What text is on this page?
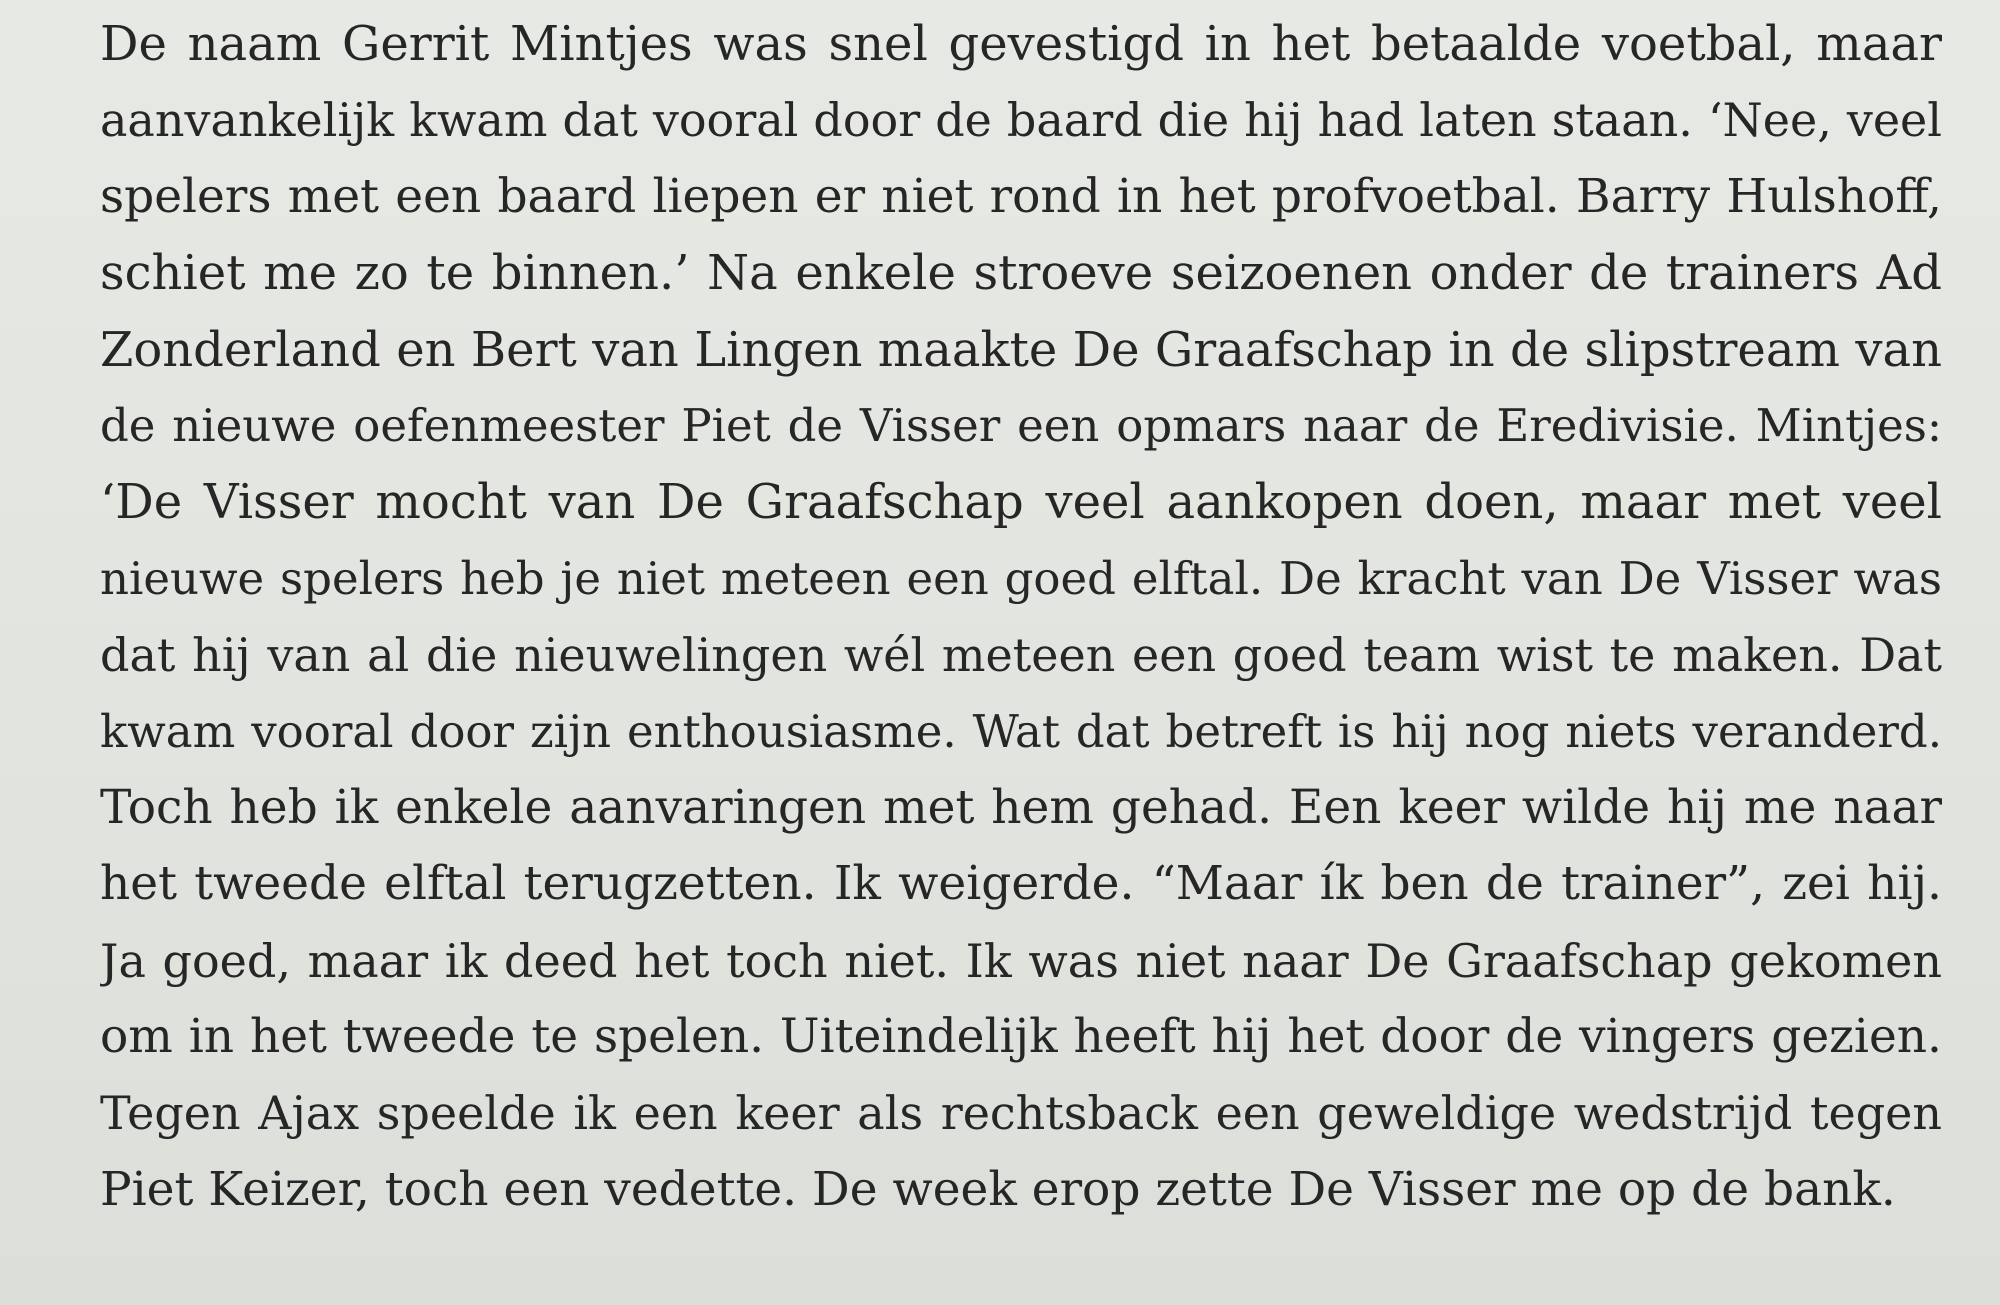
De naam Gerrit Mintjes was snel gevestigd in het betaalde voetbal, maar
aanvankelijk kwam dat vooral door de baard die hij had laten staan. ‘Nee, veel
spelers met een baard liepen er niet rond in het profvoetbal. Barry Hulshoff,
schiet me zo te binnen.’ Na enkele stroeve seizoenen onder de trainers Ad
Zonderland en Bert van Lingen maakte De Graafschap in de slipstream van
de nieuwe oefenmeester Piet de Visser een opmars naar de Eredivisie. Mintjes:
‘De Visser mocht van De Graafschap veel aankopen doen, maar met veel
nieuwe spelers heb je niet meteen een goed elftal. De kracht van De Visser was
dat hij van al die nieuwelingen wél meteen een goed team wist te maken. Dat
kwam vooral door zijn enthousiasme. Wat dat betreft is hij nog niets veranderd.
Toch heb ik enkele aanvaringen met hem gehad. Een keer wilde hij me naar
het tweede elftal terugzetten. Ik weigerde. “Maar ík ben de trainer”, zei hij.
Ja goed, maar ik deed het toch niet. Ik was niet naar De Graafschap gekomen
om in het tweede te spelen. Uiteindelijk heeft hij het door de vingers gezien.
Tegen Ajax speelde ik een keer als rechtsback een geweldige wedstrijd tegen
Piet Keizer, toch een vedette. De week erop zette De Visser me op de bank.
